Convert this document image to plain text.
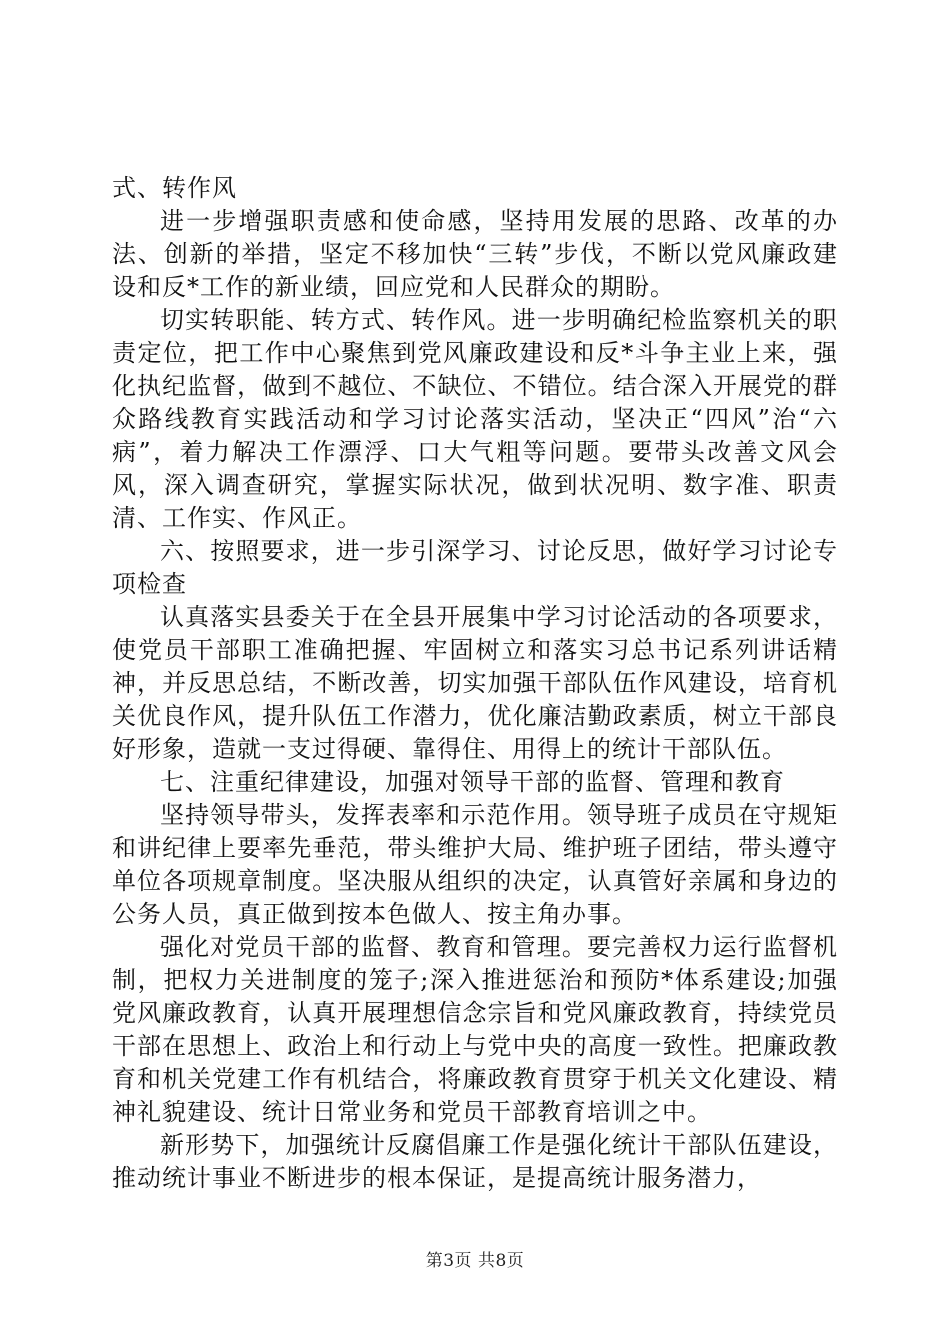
式、转作风

进一步增强职责感和使命感，坚持用发展的思路、改革的办法、创新的举措，坚定不移加快“三转”步伐，不断以党风廉政建设和反*工作的新业绩，回应党和人民群众的期盼。

切实转职能、转方式、转作风。进一步明确纪检监察机关的职责定位，把工作中心聚焦到党风廉政建设和反*斗争主业上来，强化执纪监督，做到不越位、不缺位、不错位。结合深入开展党的群众路线教育实践活动和学习讨论落实活动，坚决正“四风”治“六病”，着力解决工作漂浮、口大气粗等问题。要带头改善文风会风，深入调查研究，掌握实际状况，做到状况明、数字准、职责清、工作实、作风正。

六、按照要求，进一步引深学习、讨论反思，做好学习讨论专项检查

认真落实县委关于在全县开展集中学习讨论活动的各项要求，使党员干部职工准确把握、牢固树立和落实习总书记系列讲话精神，并反思总结，不断改善，切实加强干部队伍作风建设，培育机关优良作风，提升队伍工作潜力，优化廉洁勤政素质，树立干部良好形象，造就一支过得硬、靠得住、用得上的统计干部队伍。

七、注重纪律建设，加强对领导干部的监督、管理和教育

坚持领导带头，发挥表率和示范作用。领导班子成员在守规矩和讲纪律上要率先垂范，带头维护大局、维护班子团结，带头遵守单位各项规章制度。坚决服从组织的决定，认真管好亲属和身边的公务人员，真正做到按本色做人、按主角办事。

强化对党员干部的监督、教育和管理。要完善权力运行监督机制，把权力关进制度的笼子;深入推进惩治和预防*体系建设;加强党风廉政教育，认真开展理想信念宗旨和党风廉政教育，持续党员干部在思想上、政治上和行动上与党中央的高度一致性。把廉政教育和机关党建工作有机结合，将廉政教育贯穿于机关文化建设、精神礼貌建设、统计日常业务和党员干部教育培训之中。

新形势下，加强统计反腐倡廉工作是强化统计干部队伍建设，推动统计事业不断进步的根本保证，是提高统计服务潜力，

第3页 共8页
